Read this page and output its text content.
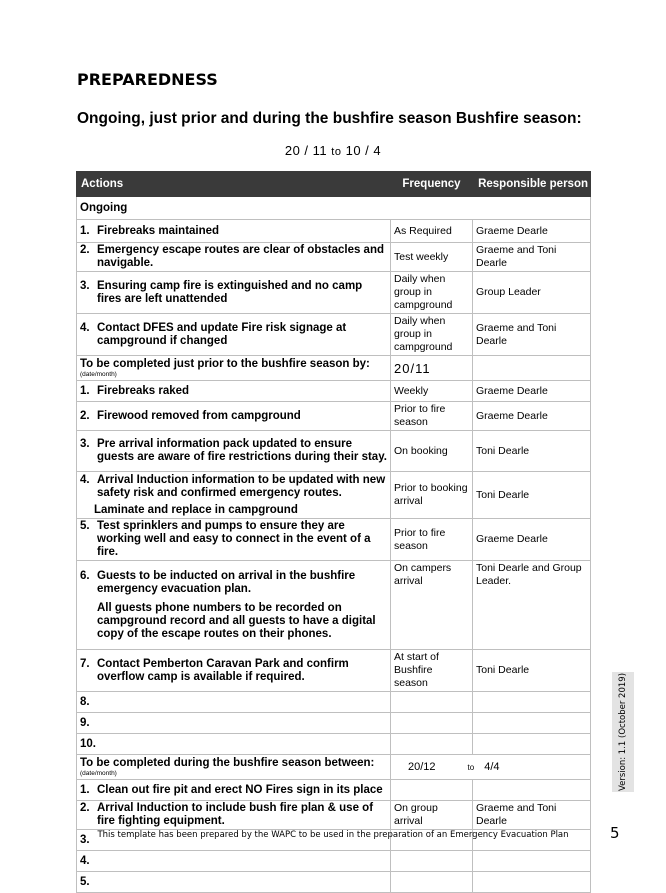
PREPAREDNESS
Ongoing, just prior and during the bushfire season Bushfire season:
20 / 11 to 10 / 4
Actions	Frequency	Responsible person
Ongoing		

1. Firebreaks maintained	As Required	Graeme Dearle

2. Emergency escape routes are clear of obstacles and navigable.	Test weekly	Graeme and Toni Dearle

3. Ensuring camp fire is extinguished and no camp fires are left unattended	Daily when group in campground	Group Leader

4. Contact DFES and update Fire risk signage at campground if changed	Daily when group in campground	Graeme and Toni Dearle
To be completed just prior to the bushfire season by:
(date/month)	20/11	

1. Firebreaks raked	Weekly	Graeme Dearle

2. Firewood removed from campground	Prior to fire season	Graeme Dearle

3. Pre arrival information pack updated to ensure guests are aware of fire restrictions during their stay.	On booking	Toni Dearle

4. Arrival Induction information to be updated with new safety risk and confirmed emergency routes.
Laminate and replace in campground	Prior to booking arrival	Toni Dearle

5. Test sprinklers and pumps to ensure they are working well and easy to connect in the event of a fire.	Prior to fire season	Graeme Dearle

6. Guests to be inducted on arrival in the bushfire emergency evacuation plan.
All guests phone numbers to be recorded on campground record and all guests to have a digital copy of the escape routes on their phones.	On campers arrival	Toni Dearle and Group Leader.

7. Contact Pemberton Caravan Park and confirm overflow camp is available if required.	At start of Bushfire season	Toni Dearle

8.		

9.		

10.		

To be completed during the bushfire season between:
(date/month)	20/12 to 4/4	

1. Clean out fire pit and erect NO Fires sign in its place		

2. Arrival Induction to include bush fire plan & use of fire fighting equipment.	On group arrival	Graeme and Toni Dearle

3.		

4.		

5.		

Version: 1.1 (October 2019)
This template has been prepared by the WAPC to be used in the preparation of an Emergency Evacuation Plan	5
